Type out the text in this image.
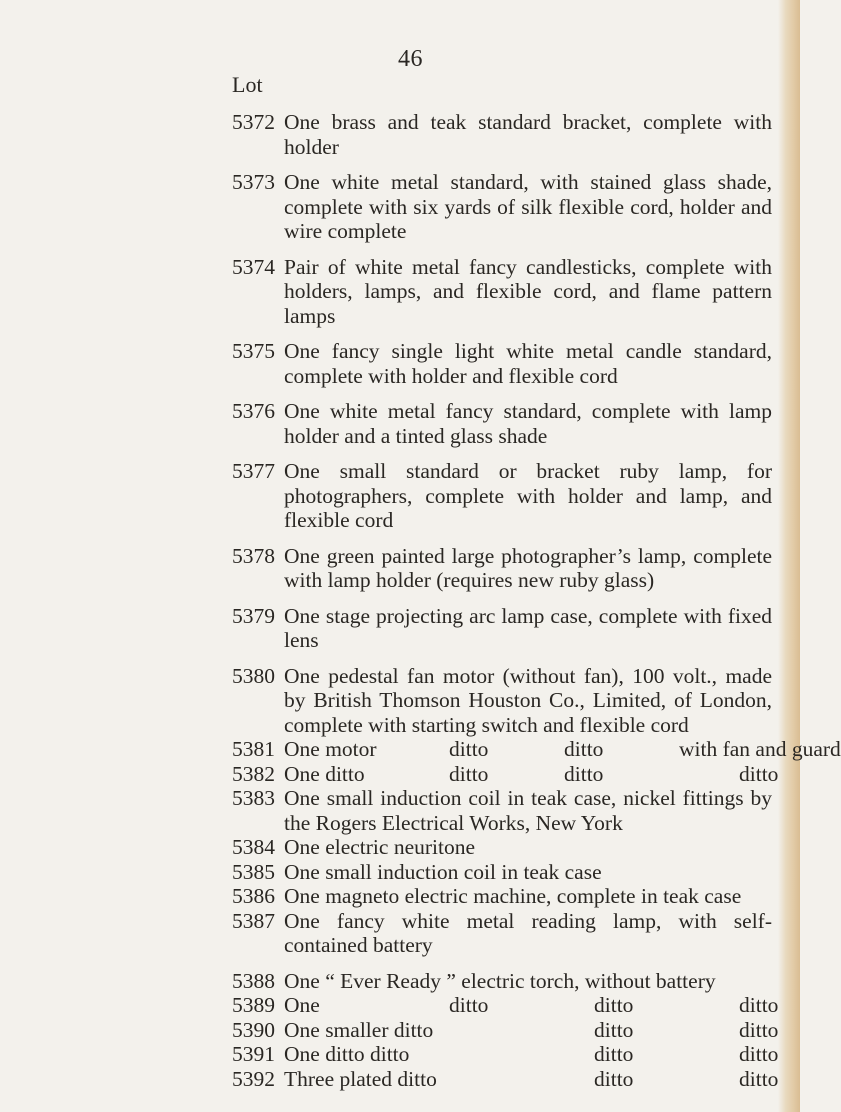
46
Lot
5372 One brass and teak standard bracket, complete with holder
5373 One white metal standard, with stained glass shade, complete with six yards of silk flexible cord, holder and wire complete
5374 Pair of white metal fancy candlesticks, complete with holders, lamps, and flexible cord, and flame pattern lamps
5375 One fancy single light white metal candle standard, complete with holder and flexible cord
5376 One white metal fancy standard, complete with lamp holder and a tinted glass shade
5377 One small standard or bracket ruby lamp, for photographers, complete with holder and lamp, and flexible cord
5378 One green painted large photographer’s lamp, complete with lamp holder (requires new ruby glass)
5379 One stage projecting arc lamp case, complete with fixed lens
5380 One pedestal fan motor (without fan), 100 volt., made by British Thomson Houston Co., Limited, of London, complete with starting switch and flexible cord
5381 One motor	ditto	ditto	with fan and guard
5382 One ditto	ditto	ditto	ditto
5383 One small induction coil in teak case, nickel fittings by the Rogers Electrical Works, New York
5384 One electric neuritone
5385 One small induction coil in teak case
5386 One magneto electric machine, complete in teak case
5387 One fancy white metal reading lamp, with self-contained battery
5388 One “ Ever Ready ” electric torch, without battery
5389 One	ditto	ditto	ditto
5390 One smaller ditto	ditto	ditto
5391 One ditto ditto	ditto	ditto
5392 Three plated ditto	ditto	ditto
